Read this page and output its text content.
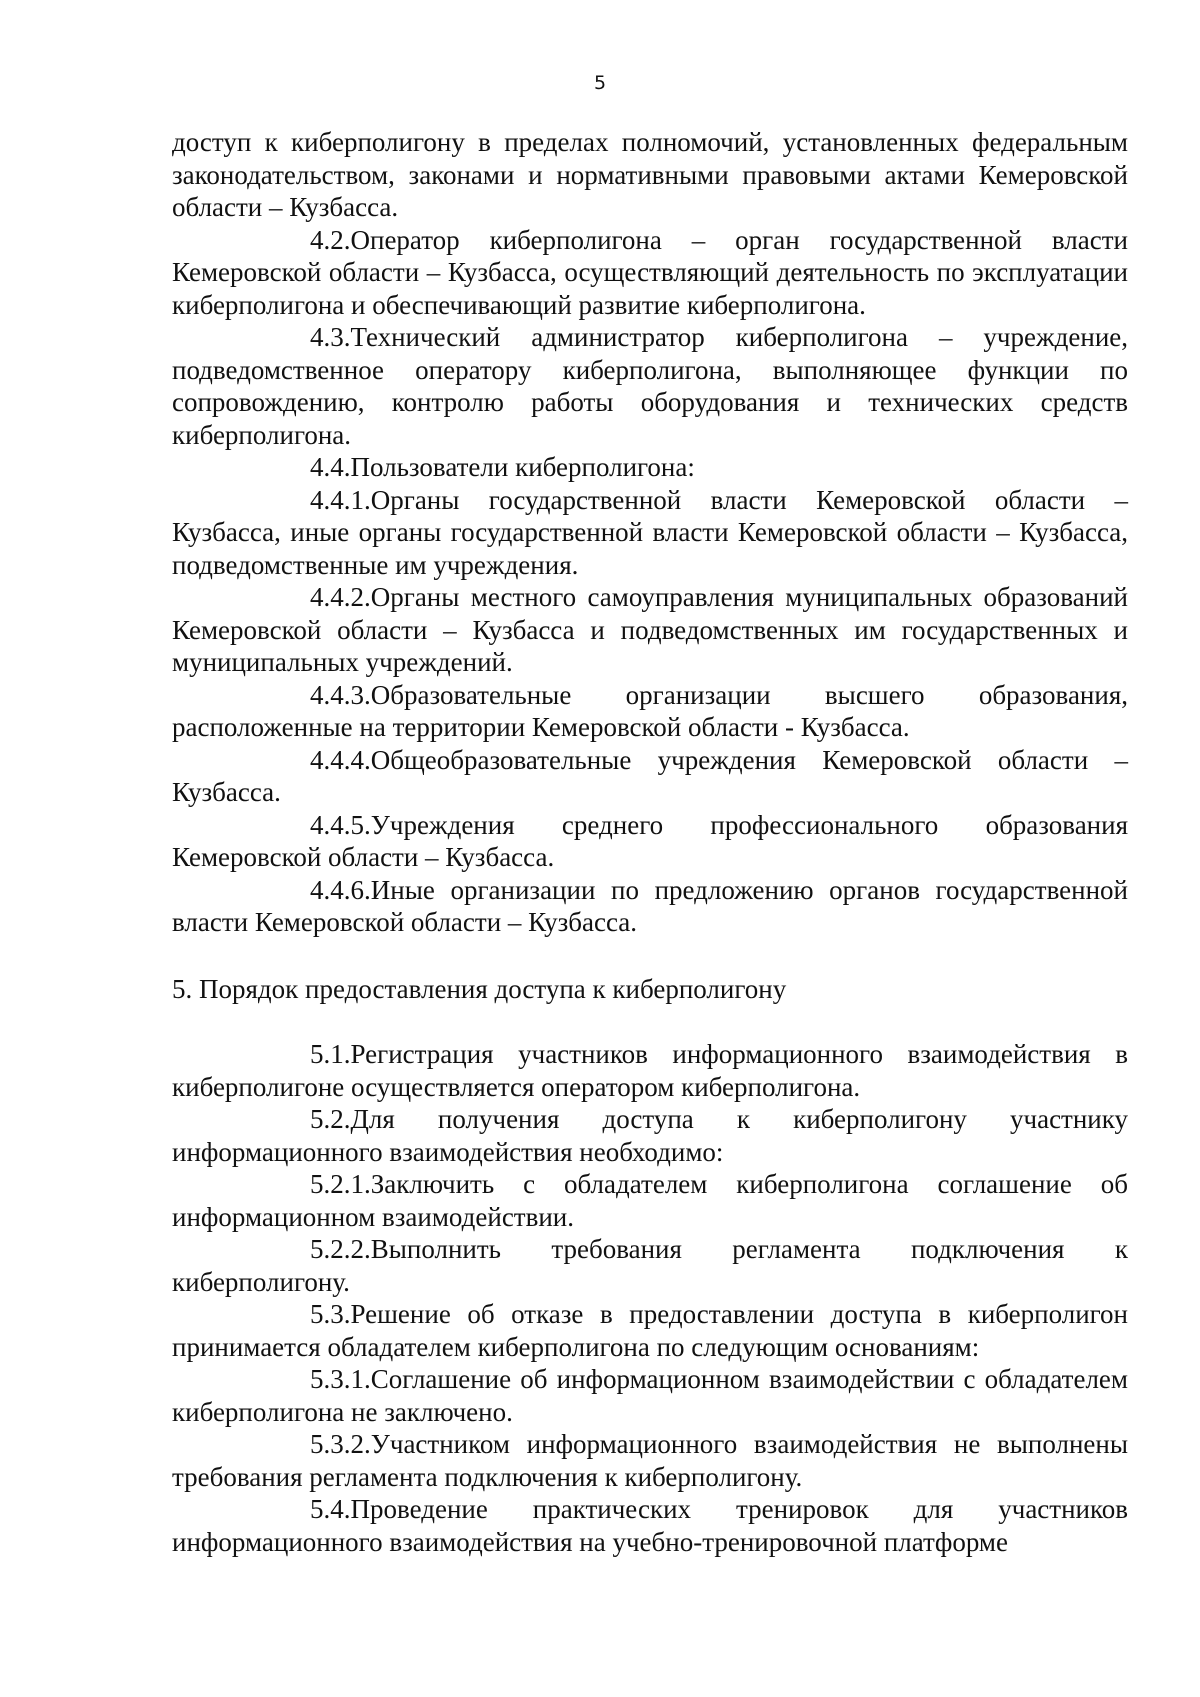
5

доступ к киберполигону в пределах полномочий, установленных федеральным законодательством, законами и нормативными правовыми актами Кемеровской области – Кузбасса.

4.2.Оператор киберполигона – орган государственной власти Кемеровской области – Кузбасса, осуществляющий деятельность по эксплуатации киберполигона и обеспечивающий развитие киберполигона.

4.3.Технический администратор киберполигона – учреждение, подведомственное оператору киберполигона, выполняющее функции по сопровождению, контролю работы оборудования и технических средств киберполигона.

4.4.Пользователи киберполигона:

4.4.1.Органы государственной власти Кемеровской области – Кузбасса, иные органы государственной власти Кемеровской области – Кузбасса, подведомственные им учреждения.

4.4.2.Органы местного самоуправления муниципальных образований Кемеровской области – Кузбасса и подведомственных им государственных и муниципальных учреждений.

4.4.3.Образовательные организации высшего образования, расположенные на территории Кемеровской области - Кузбасса.

4.4.4.Общеобразовательные учреждения Кемеровской области – Кузбасса.

4.4.5.Учреждения среднего профессионального образования Кемеровской области – Кузбасса.

4.4.6.Иные организации по предложению органов государственной власти Кемеровской области – Кузбасса.

5. Порядок предоставления доступа к киберполигону

5.1.Регистрация участников информационного взаимодействия в киберполигоне осуществляется оператором киберполигона.

5.2.Для получения доступа к киберполигону участнику информационного взаимодействия необходимо:

5.2.1.Заключить с обладателем киберполигона соглашение об информационном взаимодействии.

5.2.2.Выполнить требования регламента подключения к киберполигону.

5.3.Решение об отказе в предоставлении доступа в киберполигон принимается обладателем киберполигона по следующим основаниям:

5.3.1.Соглашение об информационном взаимодействии с обладателем киберполигона не заключено.

5.3.2.Участником информационного взаимодействия не выполнены требования регламента подключения к киберполигону.

5.4.Проведение практических тренировок для участников информационного взаимодействия на учебно-тренировочной платформе
